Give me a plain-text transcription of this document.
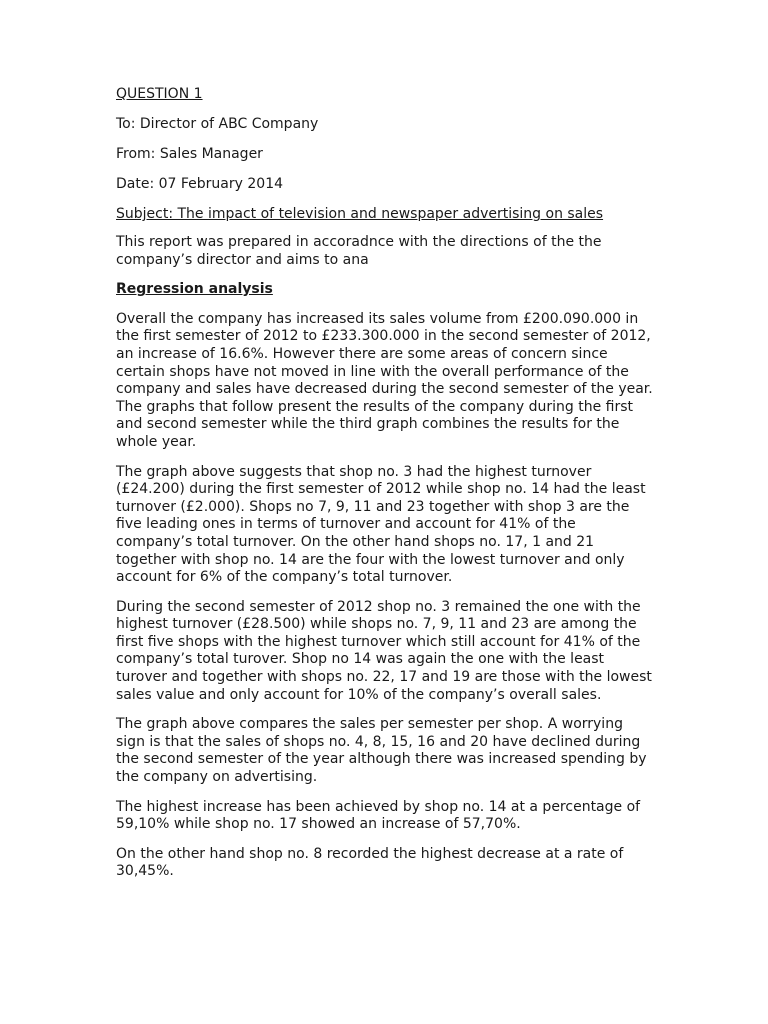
QUESTION 1
To: Director of ABC Company
From: Sales Manager
Date: 07 February 2014
Subject: The impact of television and newspaper advertising on sales

This report was prepared in accoradnce with the directions of the the company’s director and aims to ana

Regression analysis

Overall the company has increased its sales volume from £200.090.000 in the first semester of 2012 to £233.300.000 in the second semester of 2012, an increase of 16.6%. However there are some areas of concern since certain shops have not moved in line with the overall performance of the company and sales have decreased during the second semester of the year. The graphs that follow present the results of the company during the first and second semester while the third graph combines the results for the whole year.

The graph above suggests that shop no. 3 had the highest turnover (£24.200) during the first semester of 2012 while shop no. 14 had the least turnover (£2.000). Shops no 7, 9, 11 and 23 together with shop 3 are the five leading ones in terms of turnover and account for 41% of the company’s total turnover. On the other hand shops no. 17, 1 and 21 together with shop no. 14 are the four with the lowest turnover and only account for 6% of the company’s total turnover.

During the second semester of 2012 shop no. 3 remained the one with the highest turnover (£28.500) while shops no. 7, 9, 11 and 23 are among the first five shops with the highest turnover which still account for 41% of the company’s total turover. Shop no 14 was again the one with the least turover and together with shops no. 22, 17 and 19 are those with the lowest sales value and only account for 10% of the company’s overall sales.

The graph above compares the sales per semester per shop. A worrying sign is that the sales of shops no. 4, 8, 15, 16 and 20 have declined during the second semester of the year although there was increased spending by the company on advertising.

The highest increase has been achieved by shop no. 14 at a percentage of 59,10% while shop no. 17 showed an increase of 57,70%.

On the other hand shop no. 8 recorded the highest decrease at a rate of 30,45%.
